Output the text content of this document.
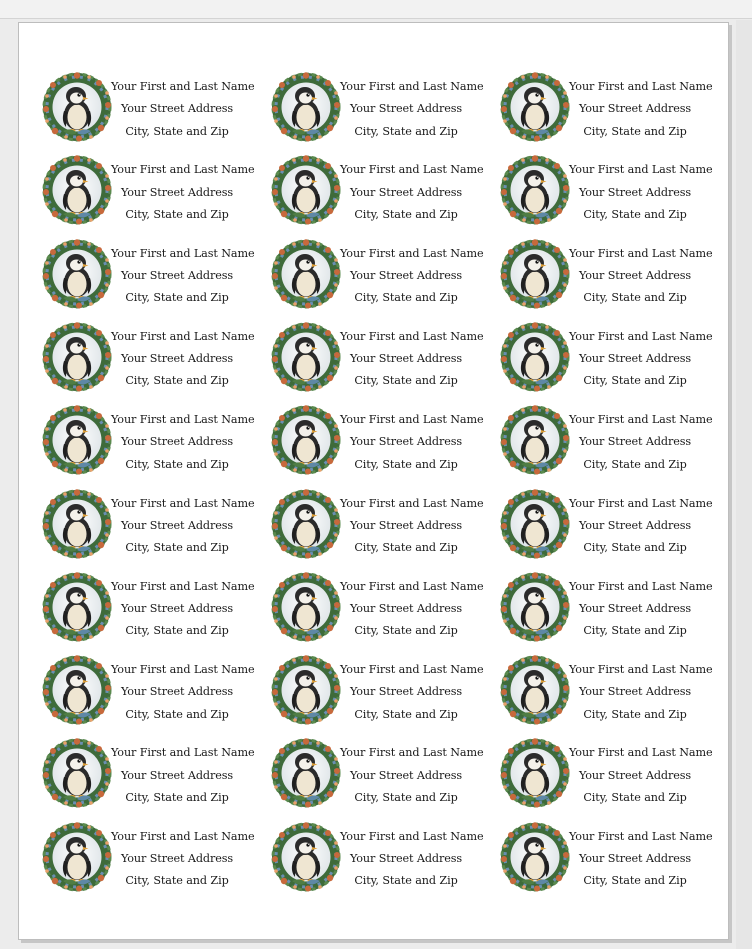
Your First and Last Name
Your Street Address
City, State and Zip
Your First and Last Name
Your Street Address
City, State and Zip
Your First and Last Name
Your Street Address
City, State and Zip
Your First and Last Name
Your Street Address
City, State and Zip
Your First and Last Name
Your Street Address
City, State and Zip
Your First and Last Name
Your Street Address
City, State and Zip
Your First and Last Name
Your Street Address
City, State and Zip
Your First and Last Name
Your Street Address
City, State and Zip
Your First and Last Name
Your Street Address
City, State and Zip
Your First and Last Name
Your Street Address
City, State and Zip
Your First and Last Name
Your Street Address
City, State and Zip
Your First and Last Name
Your Street Address
City, State and Zip
Your First and Last Name
Your Street Address
City, State and Zip
Your First and Last Name
Your Street Address
City, State and Zip
Your First and Last Name
Your Street Address
City, State and Zip
Your First and Last Name
Your Street Address
City, State and Zip
Your First and Last Name
Your Street Address
City, State and Zip
Your First and Last Name
Your Street Address
City, State and Zip
Your First and Last Name
Your Street Address
City, State and Zip
Your First and Last Name
Your Street Address
City, State and Zip
Your First and Last Name
Your Street Address
City, State and Zip
Your First and Last Name
Your Street Address
City, State and Zip
Your First and Last Name
Your Street Address
City, State and Zip
Your First and Last Name
Your Street Address
City, State and Zip
Your First and Last Name
Your Street Address
City, State and Zip
Your First and Last Name
Your Street Address
City, State and Zip
Your First and Last Name
Your Street Address
City, State and Zip
Your First and Last Name
Your Street Address
City, State and Zip
Your First and Last Name
Your Street Address
City, State and Zip
Your First and Last Name
Your Street Address
City, State and Zip
